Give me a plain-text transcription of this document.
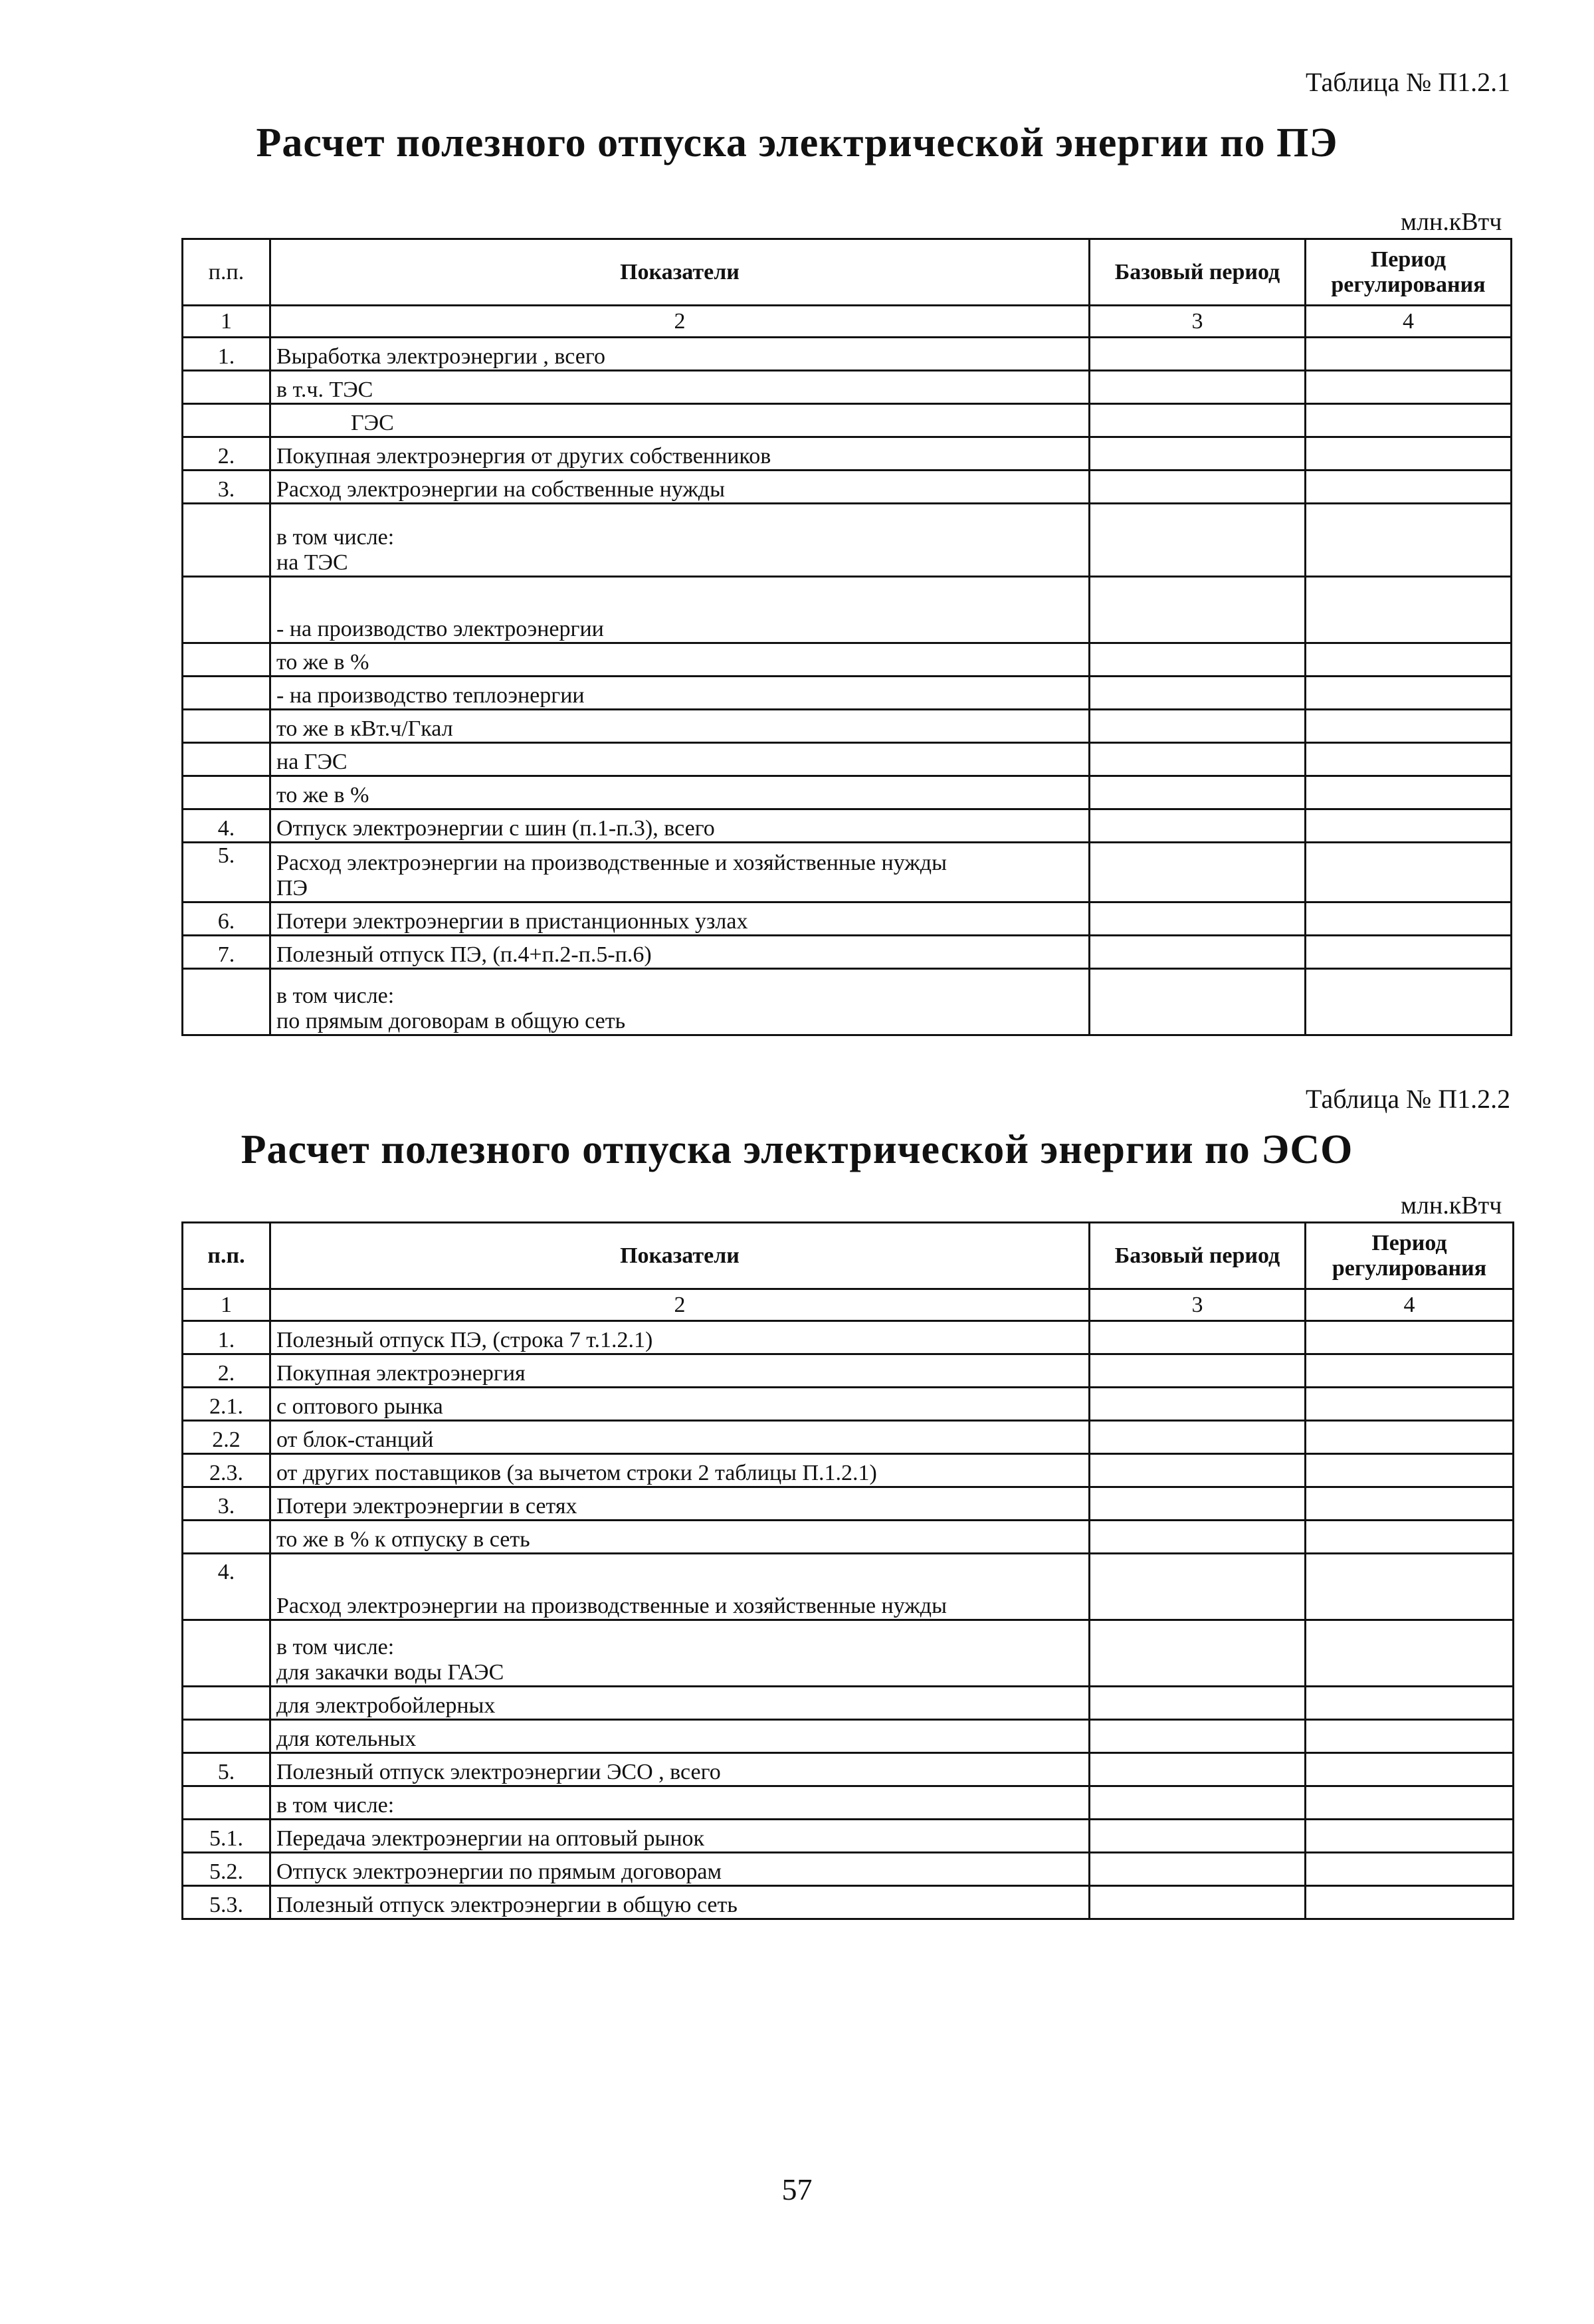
Таблица № П1.2.1
Расчет полезного отпуска электрической энергии по ПЭ
млн.кВтч
п.п.	Показатели	Базовый период	Период регулирования
1	2	3	4
1.	Выработка электроэнергии , всего		
	в т.ч. ТЭС		
	ГЭС		
2.	Покупная электроэнергия от других собственников		
3.	Расход электроэнергии на собственные нужды		
	в том числе:
на ТЭС		
	- на производство электроэнергии		
	то же в %		
	- на производство теплоэнергии		
	то же в кВт.ч/Гкал		
	на ГЭС		
	то же в %		
4.	Отпуск электроэнергии с шин (п.1-п.3), всего		
5.	Расход электроэнергии на производственные и хозяйственные нужды
ПЭ		
6.	Потери электроэнергии в пристанционных узлах		
7.	Полезный отпуск ПЭ, (п.4+п.2-п.5-п.6)		
	в том числе:
по прямым договорам в общую сеть		
Таблица № П1.2.2
Расчет полезного отпуска электрической энергии по ЭСО
млн.кВтч
п.п.	Показатели	Базовый период	Период регулирования
1	2	3	4
1.	Полезный отпуск ПЭ, (строка 7 т.1.2.1)		
2.	Покупная электроэнергия		
2.1.	с оптового рынка		
2.2	от блок-станций		
2.3.	от других поставщиков (за вычетом строки 2 таблицы П.1.2.1)		
3.	Потери электроэнергии в сетях		
	то же в % к отпуску в сеть		
4.	Расход электроэнергии на производственные и хозяйственные нужды		
	в том числе:
для закачки воды ГАЭС		
	для электробойлерных		
	для котельных		
5.	Полезный отпуск электроэнергии ЭСО , всего		
	в том числе:		
5.1.	Передача электроэнергии на оптовый рынок		
5.2.	Отпуск электроэнергии по прямым договорам		
5.3.	Полезный отпуск электроэнергии в общую сеть		
57
